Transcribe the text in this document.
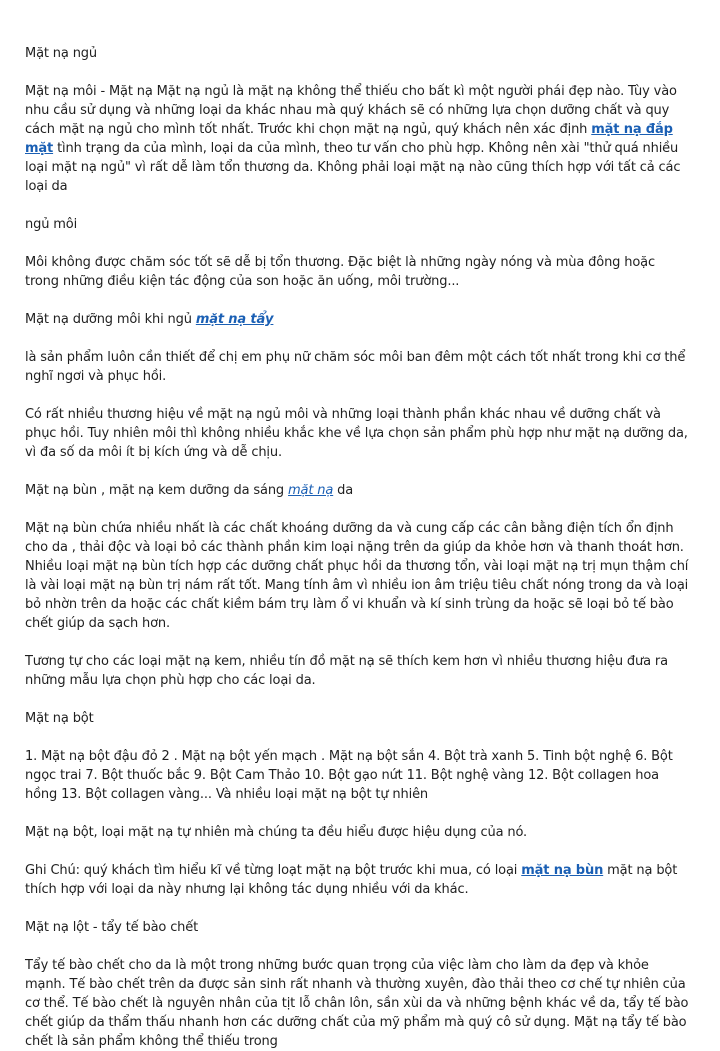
Mặt nạ ngủ

Mặt nạ môi - Mặt nạ Mặt nạ ngủ là mặt nạ không thể thiếu cho bất kì một người phái đẹp nào. Tùy vào nhu cầu sử dụng và những loại da khác nhau mà quý khách sẽ có những lựa chọn dưỡng chất và quy cách mặt nạ ngủ cho mình tốt nhất. Trước khi chọn mặt nạ ngủ, quý khách nên xác định mặt nạ đắp mặt tình trạng da của mình, loại da của mình, theo tư vấn cho phù hợp. Không nên xài "thử quá nhiều loại mặt nạ ngủ" vì rất dễ làm tổn thương da. Không phải loại mặt nạ nào cũng thích hợp với tất cả các loại da

ngủ môi

Môi không được chăm sóc tốt sẽ dễ bị tổn thương. Đặc biệt là những ngày nóng và mùa đông hoặc trong những điều kiện tác động của son hoặc ăn uống, môi trường...

Mặt nạ dưỡng môi khi ngủ mặt nạ tẩy

là sản phẩm luôn cần thiết để chị em phụ nữ chăm sóc môi ban đêm một cách tốt nhất trong khi cơ thể nghĩ ngơi và phục hồi.

Có rất nhiều thương hiệu về mặt nạ ngủ môi và những loại thành phần khác nhau về dưỡng chất và phục hồi. Tuy nhiên môi thì không nhiều khắc khe về lựa chọn sản phẩm phù hợp như mặt nạ dưỡng da, vì đa số da môi ít bị kích ứng và dễ chịu.

Mặt nạ bùn , mặt nạ kem dưỡng da sáng mặt nạ da

Mặt nạ bùn chứa nhiều nhất là các chất khoáng dưỡng da và cung cấp các cân bằng điện tích ổn định cho da , thải độc và loại bỏ các thành phần kim loại nặng trên da giúp da khỏe hơn và thanh thoát hơn. Nhiều loại mặt nạ bùn tích hợp các dưỡng chất phục hồi da thương tổn, vài loại mặt nạ trị mụn thậm chí là vài loại mặt nạ bùn trị nám rất tốt. Mang tính âm vì nhiều ion âm triệu tiêu chất nóng trong da và loại bỏ nhờn trên da hoặc các chất kiềm bám trụ làm ổ vi khuẩn và kí sinh trùng da hoặc sẽ loại bỏ tế bào chết giúp da sạch hơn.

Tương tự cho các loại mặt nạ kem, nhiều tín đồ mặt nạ sẽ thích kem hơn vì nhiều thương hiệu đưa ra những mẫu lựa chọn phù hợp cho các loại da.

Mặt nạ bột

1. Mặt nạ bột đậu đỏ 2 . Mặt nạ bột yến mạch . Mặt nạ bột sắn 4. Bột trà xanh 5. Tinh bột nghệ 6. Bột ngọc trai 7. Bột thuốc bắc 9. Bột Cam Thảo 10. Bột gạo nứt 11. Bột nghệ vàng 12. Bột collagen hoa hồng 13. Bột collagen vàng... Và nhiều loại mặt nạ bột tự nhiên

Mặt nạ bột, loại mặt nạ tự nhiên mà chúng ta đều hiểu được hiệu dụng của nó.

Ghi Chú: quý khách tìm hiểu kĩ về từng loạt mặt nạ bột trước khi mua, có loại mặt nạ bùn mặt nạ bột thích hợp với loại da này nhưng lại không tác dụng nhiều với da khác.

Mặt nạ lột - tẩy tế bào chết

Tẩy tế bào chết cho da là một trong những bước quan trọng của việc làm cho làm da đẹp và khỏe mạnh. Tế bào chết trên da được sản sinh rất nhanh và thường xuyên, đào thải theo cơ chế tự nhiên của cơ thể. Tế bào chết là nguyên nhân của tịt lỗ chân lôn, sần xùi da và những bệnh khác về da, tẩy tế bào chết giúp da thẩm thấu nhanh hơn các dưỡng chất của mỹ phẩm mà quý cô sử dụng. Mặt nạ tẩy tế bào chết là sản phẩm không thể thiếu trong
